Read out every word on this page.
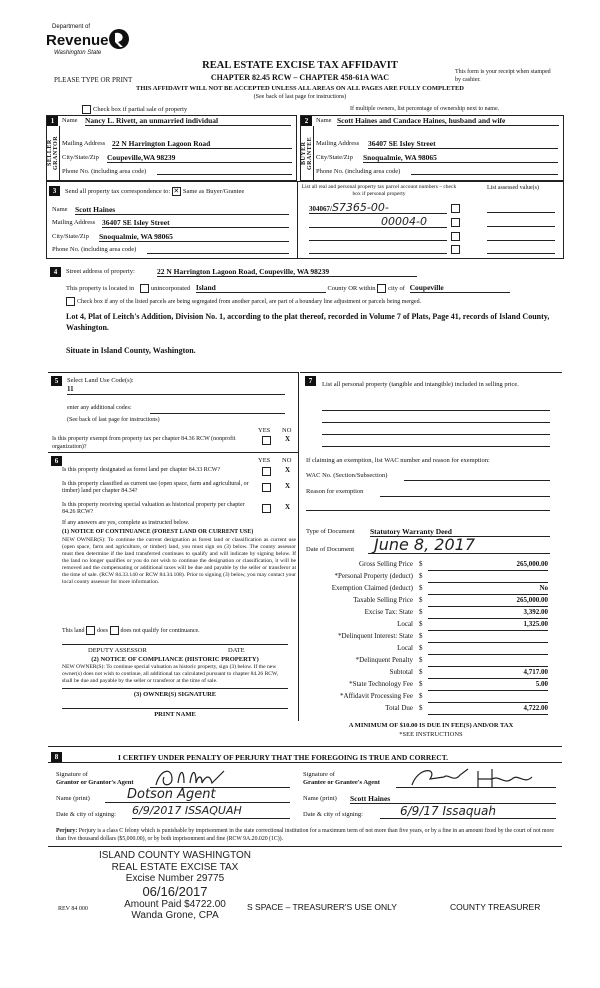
Department of
Revenue
Washington State
REAL ESTATE EXCISE TAX AFFIDAVIT
CHAPTER 82.45 RCW – CHAPTER 458-61A WAC
PLEASE TYPE OR PRINT
This form is your receipt when stamped by cashier.
THIS AFFIDAVIT WILL NOT BE ACCEPTED UNLESS ALL AREAS ON ALL PAGES ARE FULLY COMPLETED
(See back of last page for instructions)
Check box if partial sale of property	If multiple owners, list percentage of ownership next to name.
1
SELLER GRANTOR
Name Nancy L. Rivett, an unmarried individual
Mailing Address 22 N Harrington Lagoon Road
City/State/Zip Coupeville,WA 98239
Phone No. (including area code)
2
BUYER GRANTEE
Name Scott Haines and Candace Haines, husband and wife
Mailing Address 36407 SE Isley Street
City/State/Zip Snoqualmie, WA 98065
Phone No. (including area code)
3	Send all property tax correspondence to: ✕ Same as Buyer/Grantee
Name Scott Haines
Mailing Address 36407 SE Isley Street
City/State/Zip Snoqualmie, WA 98065
Phone No. (including area code)
List all real and personal property tax parcel account numbers – check box if personal property
List assessed value(s)
304067/S7365-00-
00004-0
4	Street address of property:	22 N Harrington Lagoon Road, Coupeville, WA 98239
This property is located in	unincorporated Island	County OR within city of Coupeville
Check box if any of the listed parcels are being segregated from another parcel, are part of a boundary line adjustment or parcels being merged.
Lot 4, Plat of Leitch's Addition, Division No. 1, according to the plat thereof, recorded in Volume 7 of Plats, Page 41, records of Island County, Washington.
Situate in Island County, Washington.
5	Select Land Use Code(s):
11
enter any additional codes:
(See back of last page for instructions)
YES NO
Is this property exempt from property tax per chapter 84.36 RCW (nonprofit organization)?
X
6	YES NO
Is this property designated as forest land per chapter 84.33 RCW?	X
Is this property classified as current use (open space, farm and agricultural, or timber) land per chapter 84.34?
X
Is this property receiving special valuation as historical property per chapter 84.26 RCW?
X
If any answers are yes, complete as instructed below.
(1) NOTICE OF CONTINUANCE (FOREST LAND OR CURRENT USE)
NEW OWNER(S): To continue the current designation as forest land or classification as current use (open space, farm and agriculture, or timber) land, you must sign on (3) below. The county assessor must then determine if the land transferred continues to qualify and will indicate by signing below. If the land no longer qualifies or you do not wish to continue the designation or classification, it will be removed and the compensating or additional taxes will be due and payable by the seller or transferor at the time of sale. (RCW 84.33.140 or RCW 84.34.108). Prior to signing (3) below, you may contact your local county assessor for more information.
This land does does not qualify for continuance.
DEPUTY ASSESSOR	DATE
(2) NOTICE OF COMPLIANCE (HISTORIC PROPERTY)
NEW OWNER(S): To continue special valuation as historic property, sign (3) below. If the new owner(s) does not wish to continue, all additional tax calculated pursuant to chapter 84.26 RCW, shall be due and payable by the seller or transferor at the time of sale.
(3) OWNER(S) SIGNATURE
PRINT NAME
7	List all personal property (tangible and intangible) included in selling price.
If claiming an exemption, list WAC number and reason for exemption:
WAC No. (Section/Subsection)
Reason for exemption
Type of Document Statutory Warranty Deed
Date of Document	June 8, 2017
Gross Selling Price $	265,000.00
*Personal Property (deduct) $
Exemption Claimed (deduct) $	No
Taxable Selling Price $	265,000.00
Excise Tax: State $	3,392.00
Local $	1,325.00
*Delinquent Interest: State $
Local $
*Delinquent Penalty $
Subtotal $	4,717.00
*State Technology Fee $	5.00
*Affidavit Processing Fee $
Total Due $	4,722.00
A MINIMUM OF $10.00 IS DUE IN FEE(S) AND/OR TAX
*SEE INSTRUCTIONS
8	I CERTIFY UNDER PENALTY OF PERJURY THAT THE FOREGOING IS TRUE AND CORRECT.
Signature of
Grantor or Grantor's Agent
Name (print)	Dotson Agent
Date & city of signing: 6/9/2017 ISSAQUAH
Signature of
Grantee or Grantee's Agent
Name (print) Scott Haines
Date & city of signing:	6/9/17 Issaquah
Perjury: Perjury is a class C felony which is punishable by imprisonment in the state correctional institution for a maximum term of not more than five years, or by a fine in an amount fixed by the court of not more than five thousand dollars ($5,000.00), or by both imprisonment and fine (RCW 9A.20.020 (1C)).
ISLAND COUNTY WASHINGTON
REAL ESTATE EXCISE TAX
Excise Number 29775
06/16/2017
Amount Paid $4722.00
Wanda Grone, CPA
REV 84 000	S SPACE – TREASURER'S USE ONLY	COUNTY TREASURER
